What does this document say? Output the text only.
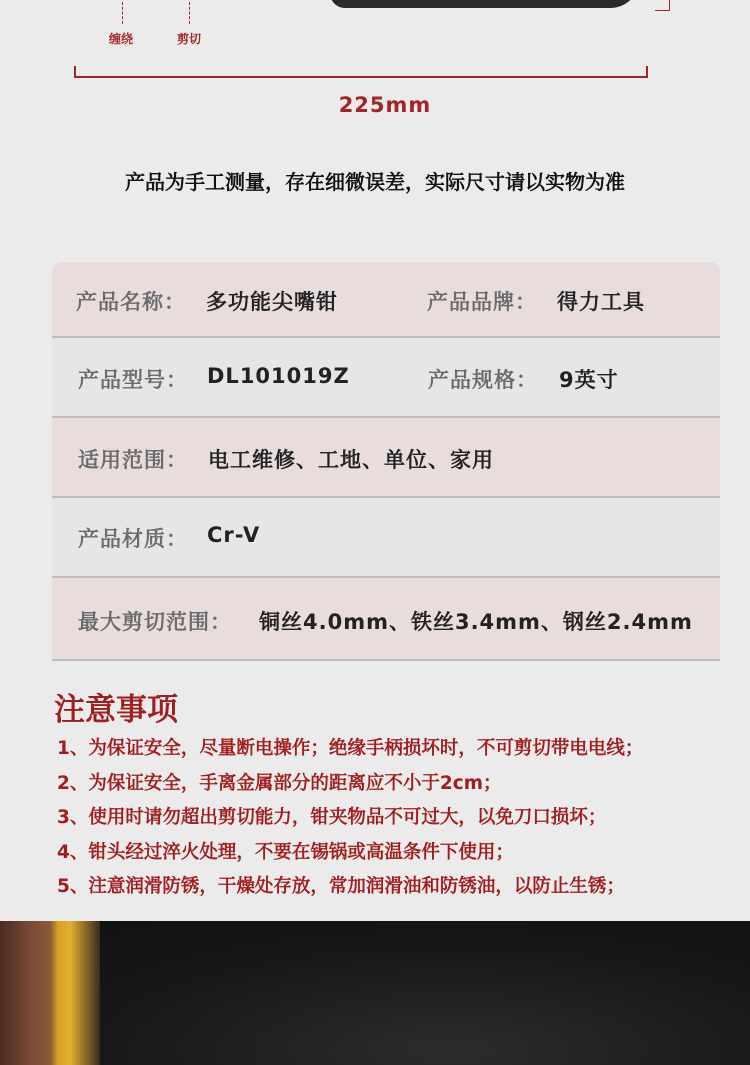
缠绕	剪切
225mm
产品为手工测量，存在细微误差，实际尺寸请以实物为准
产品名称： 多功能尖嘴钳	产品品牌： 得力工具
产品型号： DL101019Z	产品规格： 9英寸
适用范围： 电工维修、工地、单位、家用
产品材质： Cr-V
最大剪切范围： 铜丝4.0mm、铁丝3.4mm、钢丝2.4mm
注意事项
1、为保证安全，尽量断电操作；绝缘手柄损坏时，不可剪切带电电线；
2、为保证安全，手离金属部分的距离应不小于2cm；
3、使用时请勿超出剪切能力，钳夹物品不可过大，以免刀口损坏；
4、钳头经过淬火处理，不要在锡锅或高温条件下使用；
5、注意润滑防锈，干燥处存放，常加润滑油和防锈油，以防止生锈；
